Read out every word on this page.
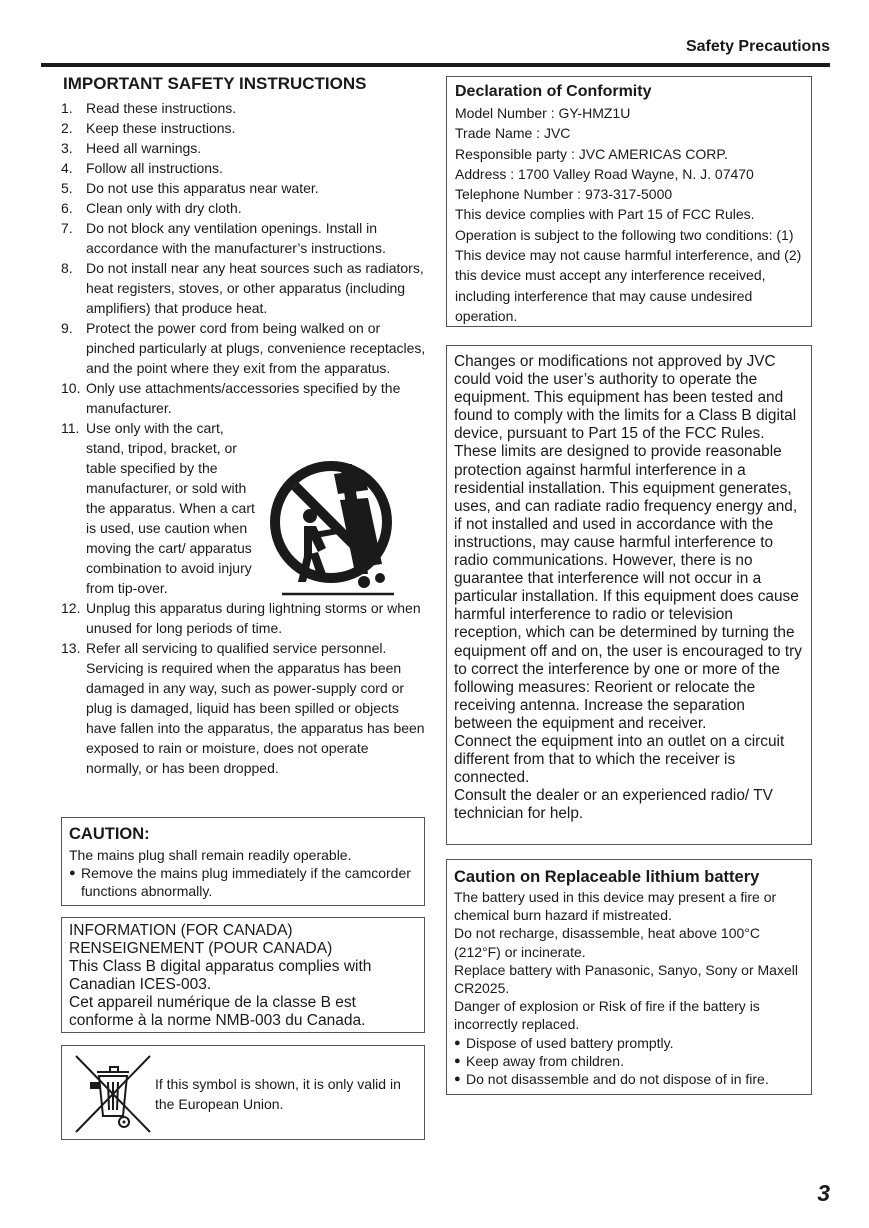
Safety Precautions
IMPORTANT SAFETY INSTRUCTIONS
1. Read these instructions.
2. Keep these instructions.
3. Heed all warnings.
4. Follow all instructions.
5. Do not use this apparatus near water.
6. Clean only with dry cloth.
7. Do not block any ventilation openings. Install in accordance with the manufacturer’s instructions.
8. Do not install near any heat sources such as radiators, heat registers, stoves, or other apparatus (including amplifiers) that produce heat.
9. Protect the power cord from being walked on or pinched particularly at plugs, convenience receptacles, and the point where they exit from the apparatus.
10. Only use attachments/accessories specified by the manufacturer.
11. Use only with the cart, stand, tripod, bracket, or table specified by the manufacturer, or sold with the apparatus. When a cart is used, use caution when moving the cart/ apparatus combination to avoid injury from tip-over.
12. Unplug this apparatus during lightning storms or when unused for long periods of time.
13. Refer all servicing to qualified service personnel. Servicing is required when the apparatus has been damaged in any way, such as power-supply cord or plug is damaged, liquid has been spilled or objects have fallen into the apparatus, the apparatus has been exposed to rain or moisture, does not operate normally, or has been dropped.
CAUTION:
The mains plug shall remain readily operable.
● Remove the mains plug immediately if the camcorder functions abnormally.
INFORMATION (FOR CANADA)
RENSEIGNEMENT (POUR CANADA)
This Class B digital apparatus complies with Canadian ICES-003.
Cet appareil numérique de la classe B est conforme à la norme NMB-003 du Canada.
If this symbol is shown, it is only valid in the European Union.
Declaration of Conformity
Model Number : GY-HMZ1U
Trade Name : JVC
Responsible party : JVC AMERICAS CORP.
Address : 1700 Valley Road Wayne, N. J. 07470
Telephone Number : 973-317-5000
This device complies with Part 15 of FCC Rules. Operation is subject to the following two conditions: (1) This device may not cause harmful interference, and (2) this device must accept any interference received, including interference that may cause undesired operation.
Changes or modifications not approved by JVC could void the user’s authority to operate the equipment. This equipment has been tested and found to comply with the limits for a Class B digital device, pursuant to Part 15 of the FCC Rules. These limits are designed to provide reasonable protection against harmful interference in a residential installation. This equipment generates, uses, and can radiate radio frequency energy and, if not installed and used in accordance with the instructions, may cause harmful interference to radio communications. However, there is no guarantee that interference will not occur in a particular installation. If this equipment does cause harmful interference to radio or television reception, which can be determined by turning the equipment off and on, the user is encouraged to try to correct the interference by one or more of the following measures: Reorient or relocate the receiving antenna. Increase the separation between the equipment and receiver.
Connect the equipment into an outlet on a circuit different from that to which the receiver is connected.
Consult the dealer or an experienced radio/ TV technician for help.
Caution on Replaceable lithium battery
The battery used in this device may present a fire or chemical burn hazard if mistreated.
Do not recharge, disassemble, heat above 100°C (212°F) or incinerate.
Replace battery with Panasonic, Sanyo, Sony or Maxell CR2025.
Danger of explosion or Risk of fire if the battery is incorrectly replaced.
● Dispose of used battery promptly.
● Keep away from children.
● Do not disassemble and do not dispose of in fire.
3
